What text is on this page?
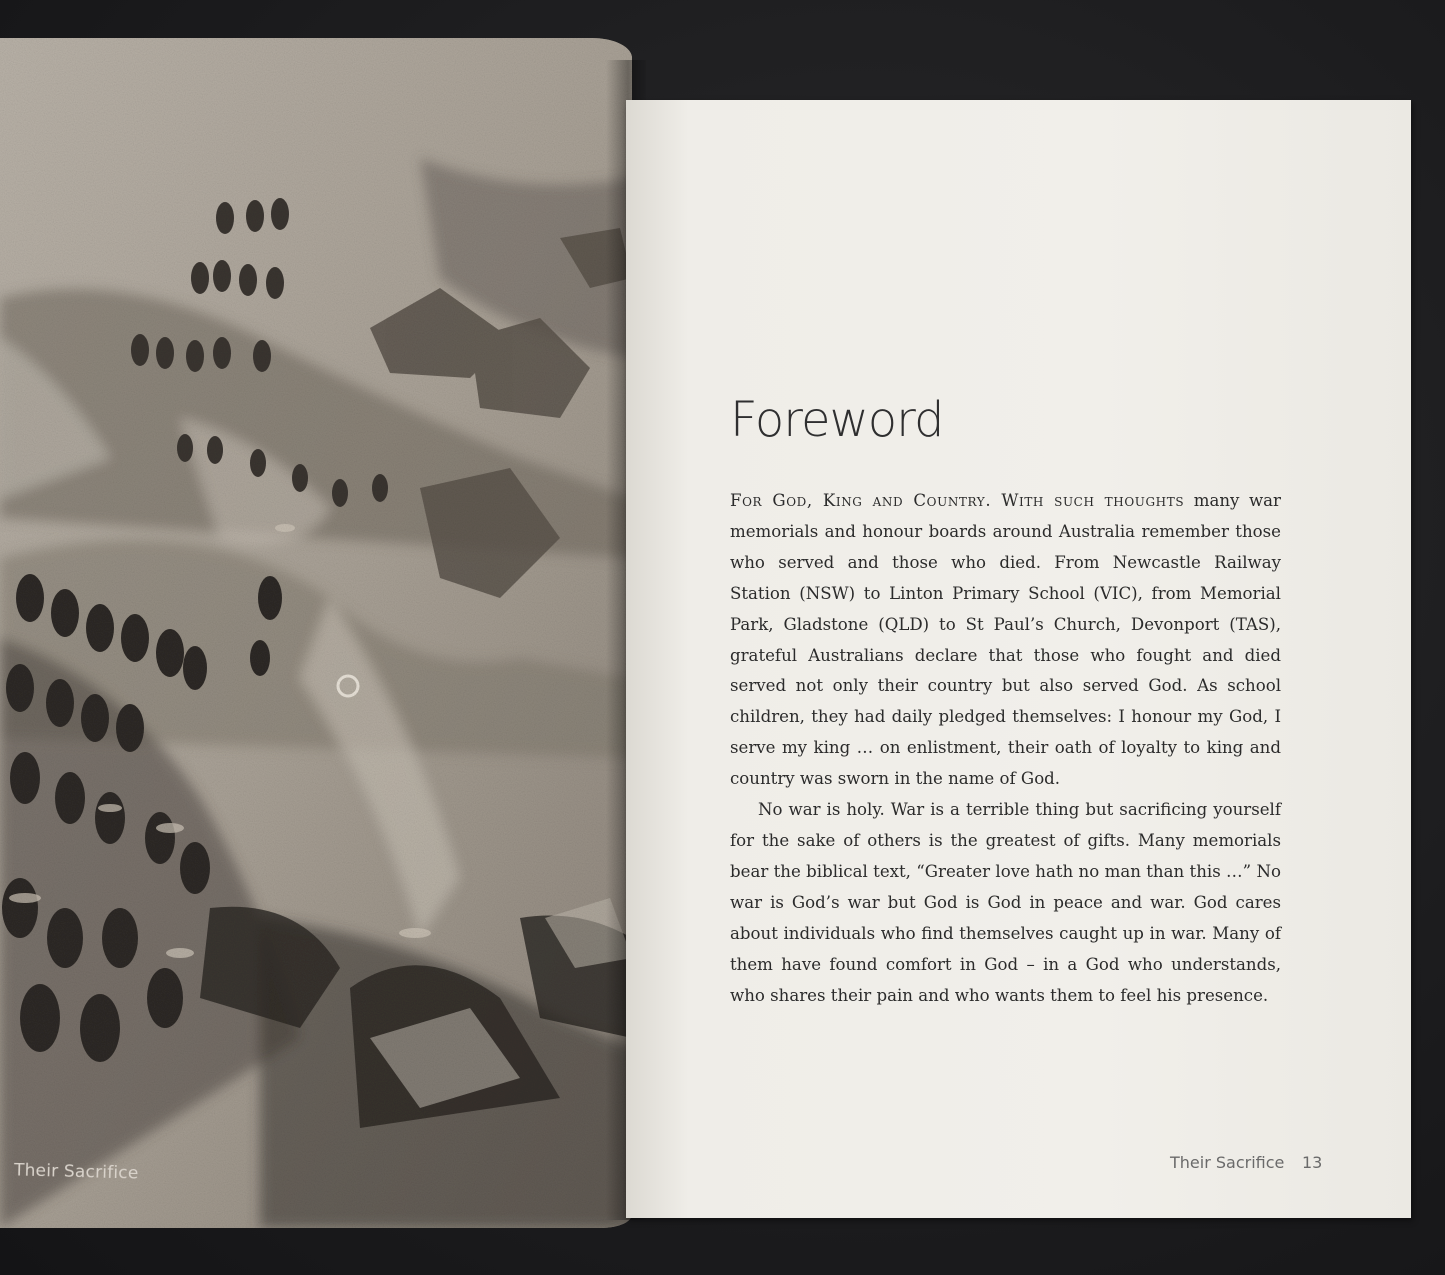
Their Sacrifice

Foreword

For God, King and Country. With such thoughts many war memorials and honour boards around Australia remember those who served and those who died. From Newcastle Railway Station (NSW) to Linton Primary School (VIC), from Memorial Park, Gladstone (QLD) to St Paul’s Church, Devonport (TAS), grateful Australians declare that those who fought and died served not only their country but also served God. As school children, they had daily pledged themselves: I honour my God, I serve my king … on enlistment, their oath of loyalty to king and country was sworn in the name of God.

No war is holy. War is a terrible thing but sacrificing yourself for the sake of others is the greatest of gifts. Many memorials bear the biblical text, “Greater love hath no man than this …” No war is God’s war but God is God in peace and war. God cares about individuals who find themselves caught up in war. Many of them have found comfort in God – in a God who understands, who shares their pain and who wants them to feel his presence.

Their Sacrifice 13
